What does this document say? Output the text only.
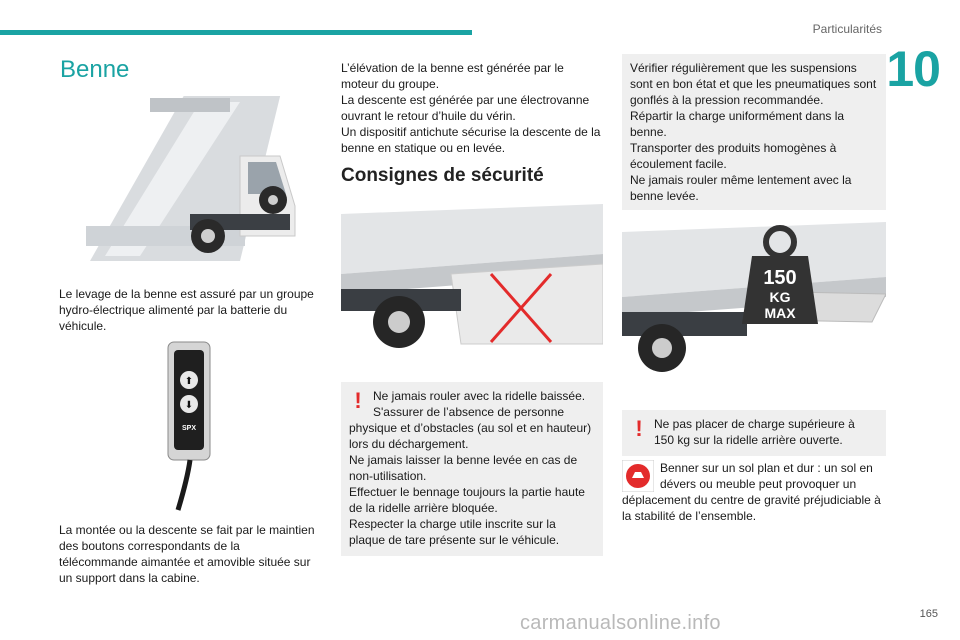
Particularités
10
Benne

Le levage de la benne est assuré par un groupe hydro-électrique alimenté par la batterie du véhicule.

⬆
⬇
SPX

La montée ou la descente se fait par le maintien des boutons correspondants de la télécommande aimantée et amovible située sur un support dans la cabine.

L’élévation de la benne est générée par le moteur du groupe.

La descente est générée par une électrovanne ouvrant le retour d’huile du vérin.

Un dispositif antichute sécurise la descente de la benne en statique ou en levée.

Consignes de sécurité
! Ne jamais rouler avec la ridelle baissée.

S'assurer de l’absence de personne physique et d’obstacles (au sol et en hauteur) lors du déchargement.

Ne jamais laisser la benne levée en cas de non-utilisation.

Effectuer le bennage toujours la partie haute de la ridelle arrière bloquée.

Respecter la charge utile inscrite sur la plaque de tare présente sur le véhicule.

Vérifier régulièrement que les suspensions sont en bon état et que les pneumatiques sont gonflés à la pression recommandée.

Répartir la charge uniformément dans la benne.

Transporter des produits homogènes à écoulement facile.

Ne jamais rouler même lentement avec la benne levée.

150
KG
MAX
! Ne pas placer de charge supérieure à 150 kg sur la ridelle arrière ouverte.

Benner sur un sol plan et dur : un sol en dévers ou meuble peut provoquer un déplacement du centre de gravité préjudiciable à la stabilité de l’ensemble.

carmanualsonline.info	165
